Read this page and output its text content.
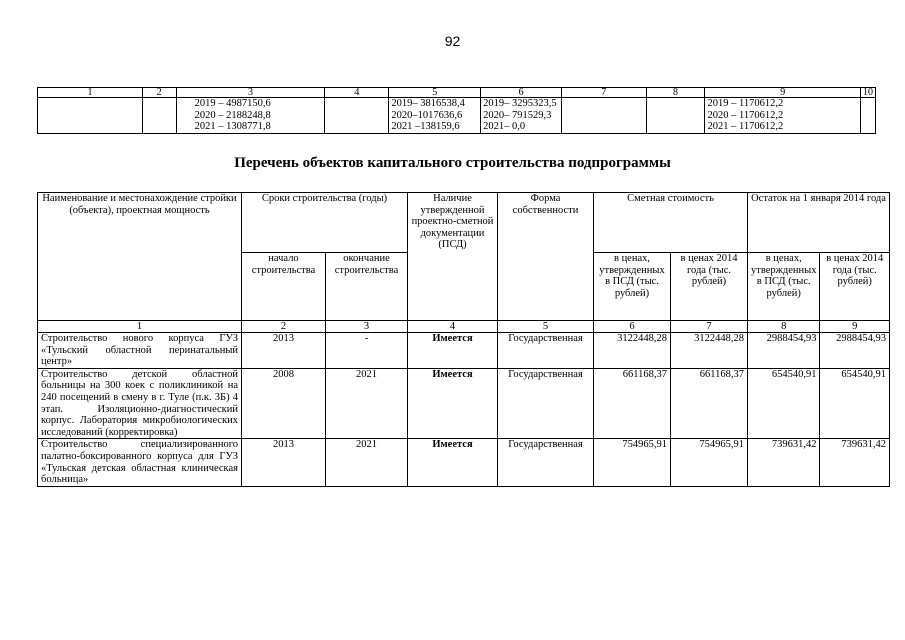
92
1	2	3	4	5	6	7	8	9	10

		2019 – 4987150,6
2020 – 2188248,8
2021 – 1308771,8		2019– 3816538,4
2020–1017636,6
2021 –138159,6	2019– 3295323,5
2020– 791529,3
2021– 0,0			2019 – 1170612,2
2020 – 1170612,2
2021 – 1170612,2	

Перечень объектов капитального строительства подпрограммы
Наименование и местонахождение стройки (объекта), проектная мощность	Сроки строительства (годы)		Наличие утвержденной проектно-сметной документации (ПСД)	Форма собственности	Сметная стоимость		Остаток на 1 января 2014 года	
	начало строительства	окончание строительства			в ценах, утвержденных в ПСД (тыс. рублей)	в ценах 2014 года (тыс. рублей)	в ценах, утвержденных в ПСД (тыс. рублей)	в ценах 2014 года (тыс. рублей)
1	2	3	4	5	6	7	8	9
Строительство нового корпуса ГУЗ «Тульский областной перинатальный центр»	2013	-	Имеется	Государственная	3122448,28	3122448,28	2988454,93	2988454,93
Строительство детской областной больницы на 300 коек с поликлиникой на 240 посещений в смену в г. Туле (п.к. 3Б) 4 этап. Изоляционно-диагностический корпус. Лаборатория микробиологических исследований (корректировка)	2008	2021	Имеется	Государственная	661168,37	661168,37	654540,91	654540,91
Строительство специализированного палатно-боксированного корпуса для ГУЗ «Тульская детская областная клиническая больница»	2013	2021	Имеется	Государственная	754965,91	754965,91	739631,42	739631,42
